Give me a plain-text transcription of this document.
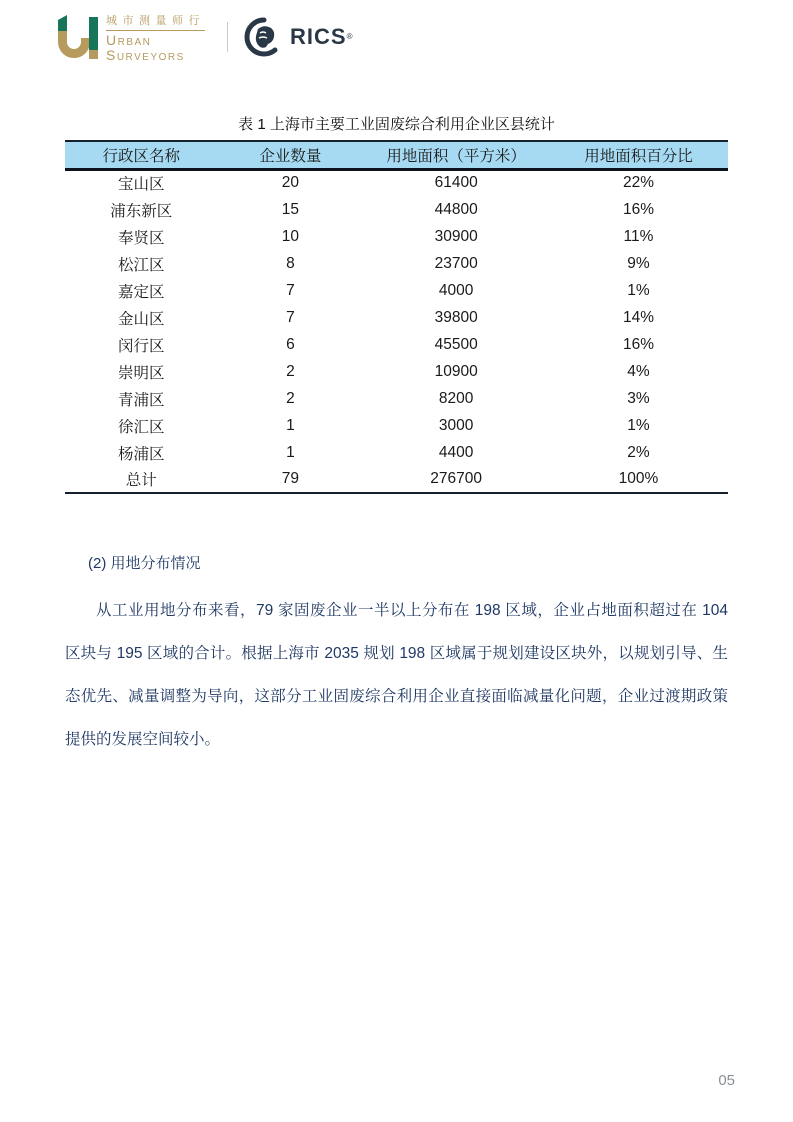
城市测量师行
Urban
Surveyors
RICS ®
表 1 上海市主要工业固废综合利用企业区县统计
行政区名称	企业数量	用地面积（平方米）	用地面积百分比
宝山区	20	61400	22%
浦东新区	15	44800	16%
奉贤区	10	30900	11%
松江区	8	23700	9%
嘉定区	7	4000	1%
金山区	7	39800	14%
闵行区	6	45500	16%
崇明区	2	10900	4%
青浦区	2	8200	3%
徐汇区	1	3000	1%
杨浦区	1	4400	2%
总计	79	276700	100%
(2) 用地分布情况

从工业用地分布来看，79 家固废企业一半以上分布在 198 区域，企业占地面积超过在 104 区块与 195 区域的合计。根据上海市 2035 规划 198 区域属于规划建设区块外，以规划引导、生态优先、减量调整为导向，这部分工业固废综合利用企业直接面临减量化问题，企业过渡期政策提供的发展空间较小。

05
